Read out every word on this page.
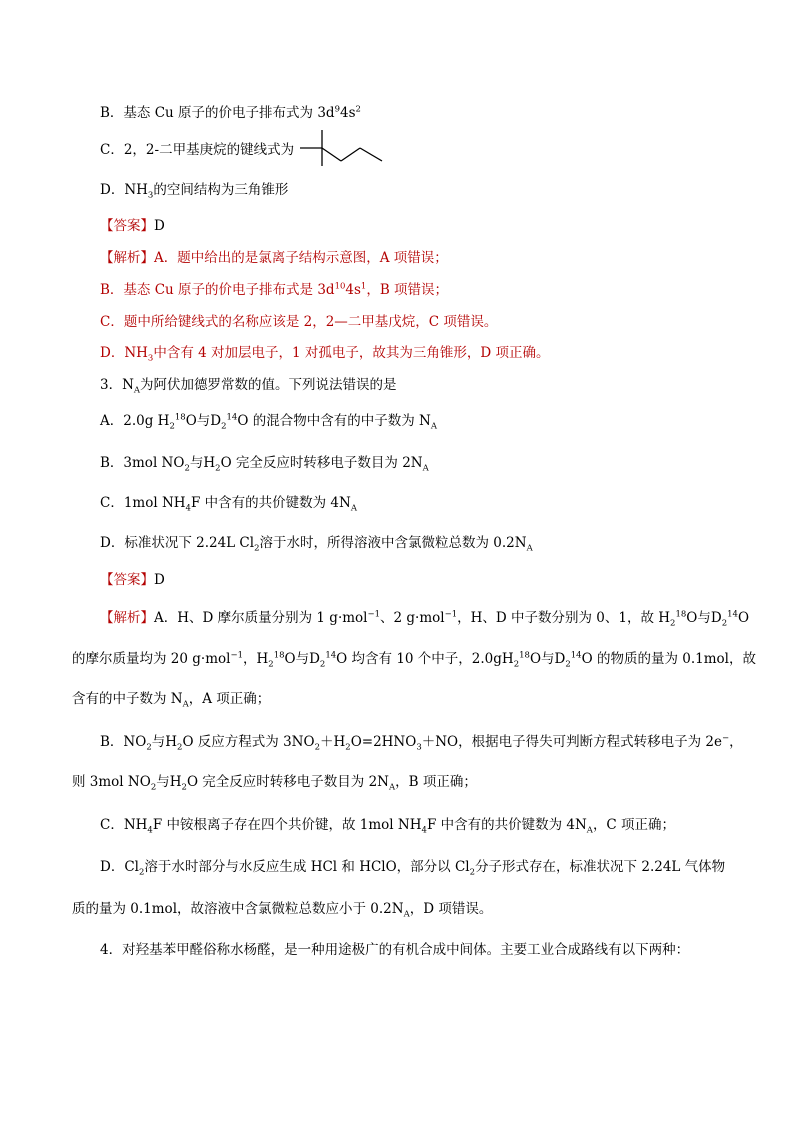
B．基态 Cu 原子的价电子排布式为 $3d^94s^2$
C．2，2-二甲基庚烷的键线式为
D．$NH_3$的空间结构为三角锥形
【答案】D
【解析】A．题中给出的是氯离子结构示意图，A 项错误；
B．基态 Cu 原子的价电子排布式是 $3d^{10}4s^1$，B 项错误；
C．题中所给键线式的名称应该是 2，2—二甲基戊烷，C 项错误。
D．$NH_3$中含有 4 对加层电子，1 对孤电子，故其为三角锥形，D 项正确。
3．$N_A$为阿伏加德罗常数的值。下列说法错误的是
A．2.0g $H_2^{18}O$与$D_2^{14}O$ 的混合物中含有的中子数为 $N_A$
B．3mol $NO_2$与$H_2O$ 完全反应时转移电子数目为 $2N_A$
C．1mol $NH_4F$ 中含有的共价键数为 $4N_A$
D．标准状况下 2.24L $Cl_2$溶于水时，所得溶液中含氯微粒总数为 $0.2N_A$
【答案】D
【解析】A．H、D 摩尔质量分别为 1 g·mol$^{-1}$、2 g·mol$^{-1}$，H、D 中子数分别为 0、1，故 $H_2^{18}O$与$D_2^{14}O$
的摩尔质量均为 20 g·mol$^{-1}$，$H_2^{18}O$与$D_2^{14}O$ 均含有 10 个中子，$2.0gH_2^{18}O$与$D_2^{14}O$ 的物质的量为 0.1mol，故
含有的中子数为 $N_A$，A 项正确；
B．$NO_2$与$H_2O$ 反应方程式为 $3NO_2+H_2O=2HNO_3+NO$，根据电子得失可判断方程式转移电子为 2e−，
则 3mol $NO_2$与$H_2O$ 完全反应时转移电子数目为 $2N_A$，B 项正确；
C．$NH_4F$ 中铵根离子存在四个共价键，故 1mol $NH_4F$ 中含有的共价键数为 $4N_A$，C 项正确；
D．$Cl_2$溶于水时部分与水反应生成 HCl 和 HClO，部分以 $Cl_2$分子形式存在，标准状况下 2.24L 气体物
质的量为 0.1mol，故溶液中含氯微粒总数应小于 $0.2N_A$，D 项错误。
4．对羟基苯甲醛俗称水杨醛，是一种用途极广的有机合成中间体。主要工业合成路线有以下两种：
